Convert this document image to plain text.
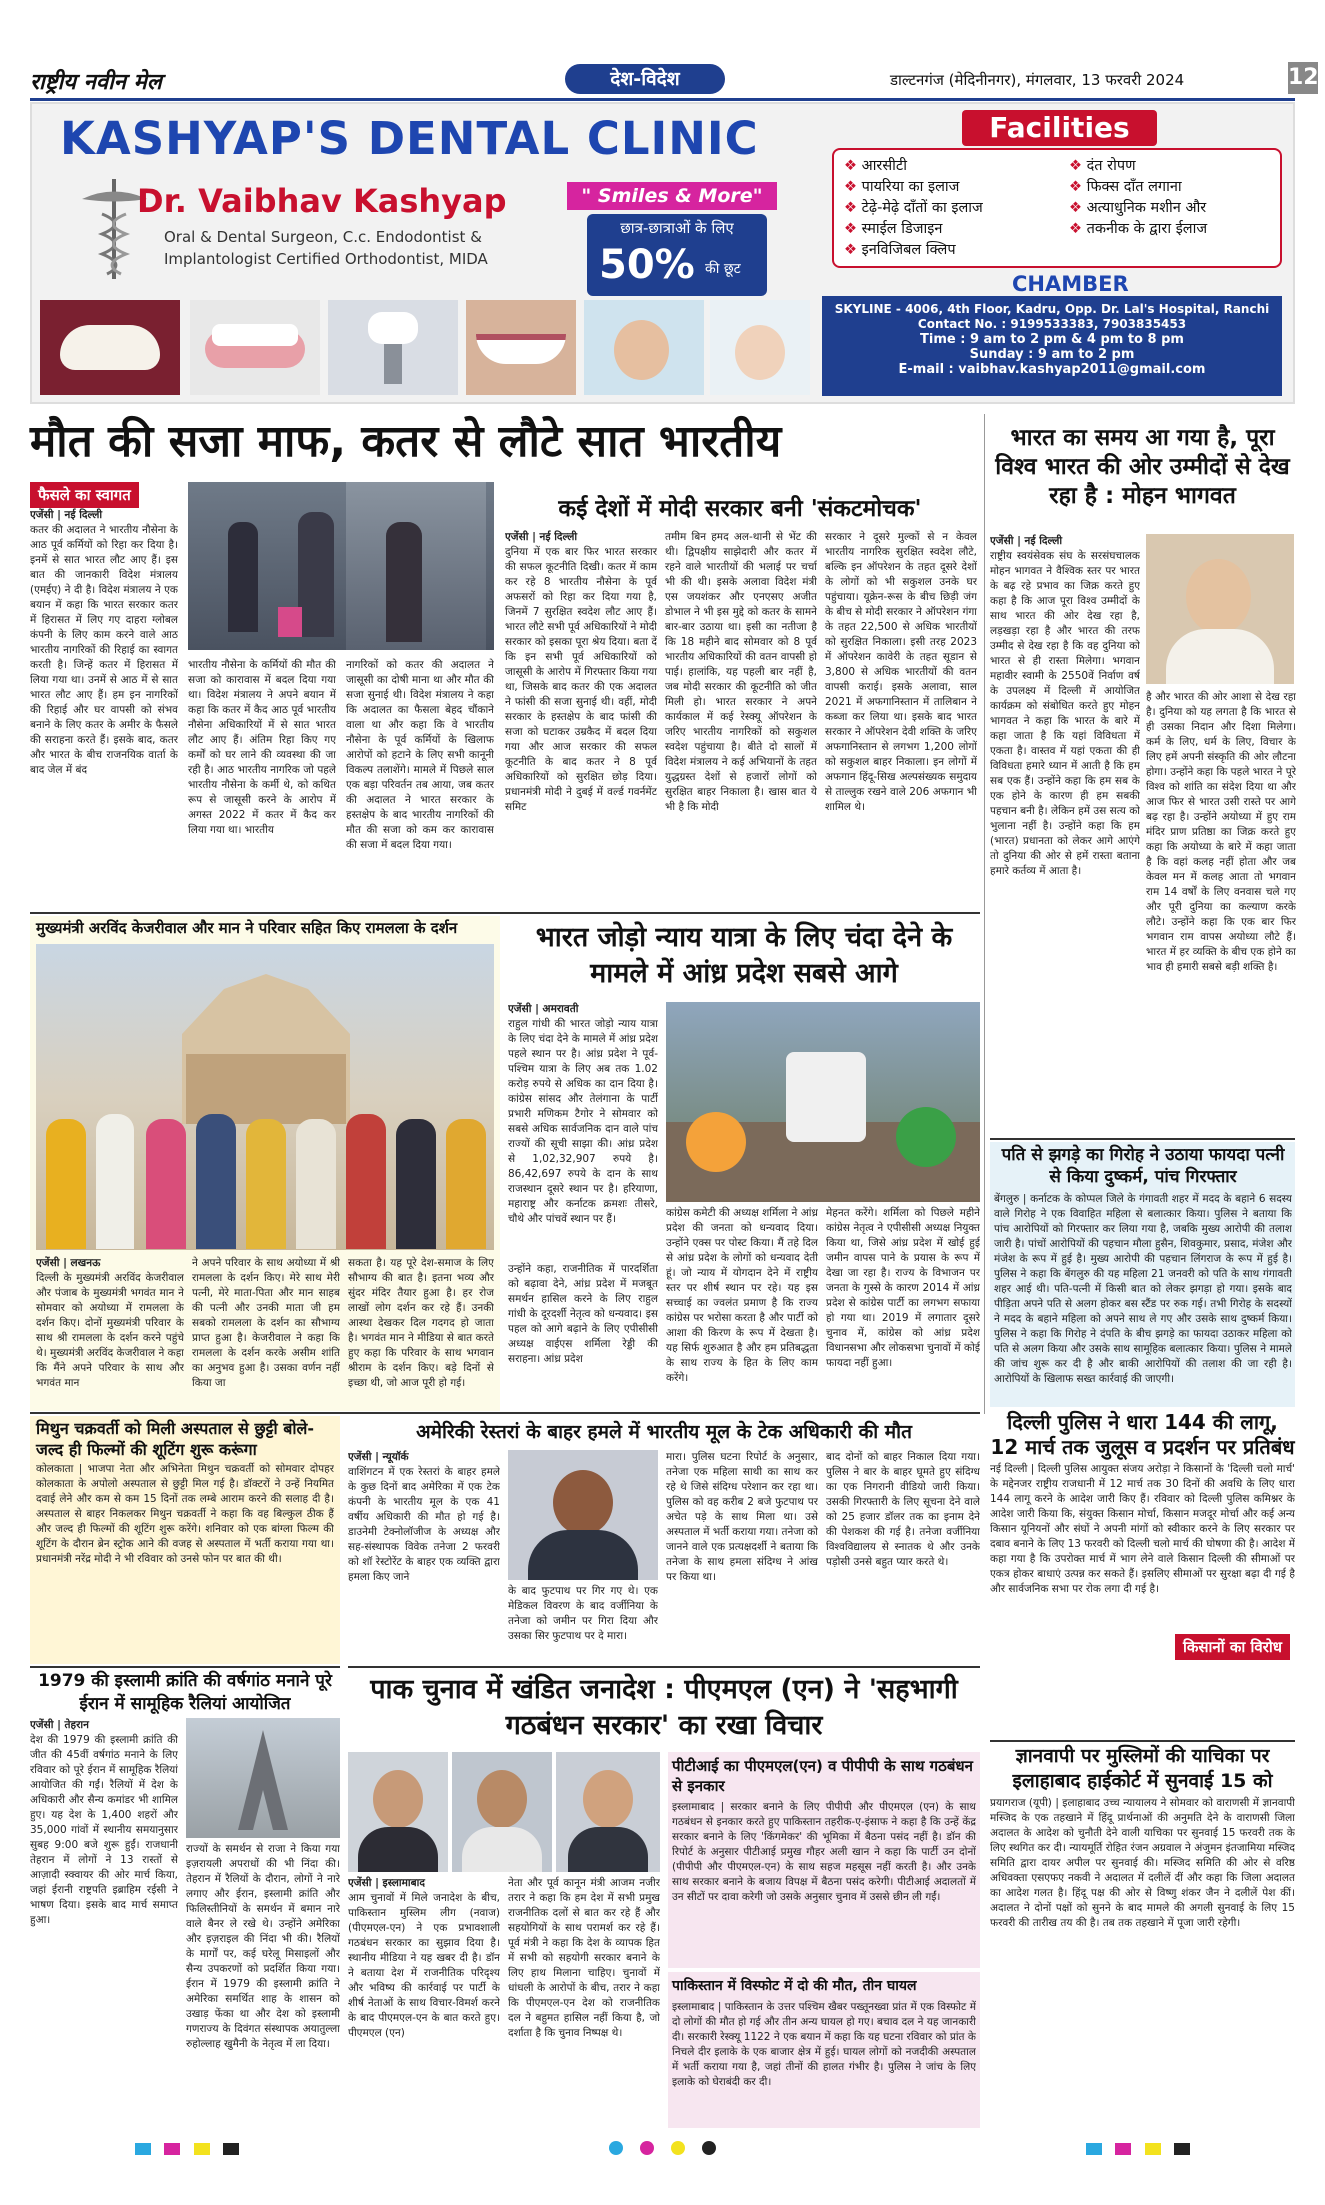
राष्ट्रीय नवीन मेल	देश-विदेश	डाल्टनगंज (मेदिनीनगर), मंगलवार, 13 फरवरी 2024	12
KASHYAP'S DENTAL CLINIC
Dr. Vaibhav Kashyap	" Smiles & More"
Oral & Dental Surgeon, C.c. Endodontist &
Implantologist Certified Orthodontist, MIDA
छात्र-छात्राओं के लिए
50% की छूट
Facilities
❖ आरसीटी
❖ पायरिया का इलाज
❖ टेढ़े-मेढ़े दाँतों का इलाज
❖ स्माईल डिजाइन
❖ इनविजिबल क्लिप
❖ दंत रोपण
❖ फिक्स दाँत लगाना
❖ अत्याधुनिक मशीन और
❖ तकनीक के द्वारा ईलाज
CHAMBER
SKYLINE - 4006, 4th Floor, Kadru, Opp. Dr. Lal's Hospital, Ranchi
Contact No. : 9199533383, 7903835453
Time : 9 am to 2 pm & 4 pm to 8 pm
Sunday : 9 am to 2 pm
E-mail : vaibhav.kashyap2011@gmail.com
मौत की सजा माफ, कतर से लौटे सात भारतीय
फैसले का स्वागत
एजेंसी | नई दिल्ली
कतर की अदालत ने भारतीय नौसेना के आठ पूर्व कर्मियों को रिहा कर दिया है। इनमें से सात भारत लौट आए हैं। इस बात की जानकारी विदेश मंत्रालय (एमईए) ने दी है। विदेश मंत्रालय ने एक बयान में कहा कि भारत सरकार कतर में हिरासत में लिए गए दाहरा ग्लोबल कंपनी के लिए काम करने वाले आठ भारतीय नागरिकों की रिहाई का स्वागत करती है। जिन्हें कतर में हिरासत में लिया गया था। उनमें से आठ में से सात भारत लौट आए हैं। हम इन नागरिकों की रिहाई और घर वापसी को संभव बनाने के लिए कतर के अमीर के फैसले की सराहना करते हैं। इसके बाद, कतर और भारत के बीच राजनयिक वार्ता के बाद जेल में बंद
भारतीय नौसेना के कर्मियों की मौत की सजा को कारावास में बदल दिया गया था। विदेश मंत्रालय ने अपने बयान में कहा कि कतर में कैद आठ पूर्व भारतीय नौसेना अधिकारियों में से सात भारत लौट आए हैं। अंतिम रिहा किए गए कर्मों को घर लाने की व्यवस्था की जा रही है। आठ भारतीय नागरिक जो पहले भारतीय नौसेना के कर्मी थे, को कथित रूप से जासूसी करने के आरोप में अगस्त 2022 में कतर में कैद कर लिया गया था। भारतीय
नागरिकों को कतर की अदालत ने जासूसी का दोषी माना था और मौत की सजा सुनाई थी। विदेश मंत्रालय ने कहा कि अदालत का फैसला बेहद चौंकाने वाला था और कहा कि वे भारतीय नौसेना के पूर्व कर्मियों के खिलाफ आरोपों को हटाने के लिए सभी कानूनी विकल्प तलाशेंगे। मामले में पिछले साल एक बड़ा परिवर्तन तब आया, जब कतर की अदालत ने भारत सरकार के हस्तक्षेप के बाद भारतीय नागरिकों की मौत की सजा को कम कर कारावास की सजा में बदल दिया गया।
कई देशों में मोदी सरकार बनी 'संकटमोचक'
एजेंसी | नई दिल्ली
दुनिया में एक बार फिर भारत सरकार की सफल कूटनीति दिखी। कतर में काम कर रहे 8 भारतीय नौसेना के पूर्व अफसरों को रिहा कर दिया गया है, जिनमें 7 सुरक्षित स्वदेश लौट आए हैं। भारत लौटे सभी पूर्व अधिकारियों ने मोदी सरकार को इसका पूरा श्रेय दिया। बता दें कि इन सभी पूर्व अधिकारियों को जासूसी के आरोप में गिरफ्तार किया गया था, जिसके बाद कतर की एक अदालत ने फांसी की सजा सुनाई थी। वहीं, मोदी सरकार के हस्तक्षेप के बाद फांसी की सजा को घटाकर उम्रकैद में बदल दिया गया और आज सरकार की सफल कूटनीति के बाद कतर ने 8 पूर्व अधिकारियों को सुरक्षित छोड़ दिया। प्रधानमंत्री मोदी ने दुबई में वर्ल्ड गवर्नमेंट समिट
तमीम बिन हमद अल-थानी से भेंट की थी। द्विपक्षीय साझेदारी और कतर में रहने वाले भारतीयों की भलाई पर चर्चा भी की थी। इसके अलावा विदेश मंत्री एस जयशंकर और एनएसए अजीत डोभाल ने भी इस मुद्दे को कतर के सामने बार-बार उठाया था। इसी का नतीजा है कि 18 महीने बाद सोमवार को 8 पूर्व भारतीय अधिकारियों की वतन वापसी हो पाई। हालांकि, यह पहली बार नहीं है, जब मोदी सरकार की कूटनीति को जीत मिली हो। भारत सरकार ने अपने कार्यकाल में कई रेस्क्यू ऑपरेशन के जरिए भारतीय नागरिकों को सकुशल स्वदेश पहुंचाया है। बीते दो सालों में विदेश मंत्रालय ने कई अभियानों के तहत युद्धग्रस्त देशों से हजारों लोगों को सुरक्षित बाहर निकाला है। खास बात ये भी है कि मोदी
सरकार ने दूसरे मुल्कों से न केवल भारतीय नागरिक सुरक्षित स्वदेश लौटे, बल्कि इन ऑपरेशन के तहत दूसरे देशों के लोगों को भी सकुशल उनके घर पहुंचाया। यूक्रेन-रूस के बीच छिड़ी जंग के बीच से मोदी सरकार ने ऑपरेशन गंगा के तहत 22,500 से अधिक भारतीयों को सुरक्षित निकाला। इसी तरह 2023 में ऑपरेशन कावेरी के तहत सूडान से 3,800 से अधिक भारतीयों की वतन वापसी कराई। इसके अलावा, साल 2021 में अफगानिस्तान में तालिबान ने कब्जा कर लिया था। इसके बाद भारत सरकार ने ऑपरेशन देवी शक्ति के जरिए अफगानिस्तान से लगभग 1,200 लोगों को सकुशल बाहर निकाला। इन लोगों में अफगान हिंदू-सिख अल्पसंख्यक समुदाय से ताल्लुक रखने वाले 206 अफगान भी शामिल थे।
भारत का समय आ गया है, पूरा विश्व भारत की ओर उम्मीदों से देख रहा है : मोहन भागवत
एजेंसी | नई दिल्ली
राष्ट्रीय स्वयंसेवक संघ के सरसंघचालक मोहन भागवत ने वैश्विक स्तर पर भारत के बढ़ रहे प्रभाव का जिक्र करते हुए कहा है कि आज पूरा विश्व उम्मीदों के साथ भारत की ओर देख रहा है, लड़खड़ा रहा है और भारत की तरफ उम्मीद से देख रहा है कि वह दुनिया को भारत से ही रास्ता मिलेगा। भगवान महावीर स्वामी के 2550वें निर्वाण वर्ष के उपलक्ष्य में दिल्ली में आयोजित कार्यक्रम को संबोधित करते हुए मोहन भागवत ने कहा कि भारत के बारे में कहा जाता है कि यहां विविधता में एकता है। वास्तव में यहां एकता की ही विविधता हमारे ध्यान में आती है कि हम सब एक हैं। उन्होंने कहा कि हम सब के एक होने के कारण ही हम सबकी पहचान बनी है। लेकिन हमें उस सत्य को भुलाना नहीं है। उन्होंने कहा कि हम (भारत) प्रधानता को लेकर आगे आएंगे तो दुनिया की ओर से हमें रास्ता बताना हमारे कर्तव्य में आता है।
है और भारत की ओर आशा से देख रहा है। दुनिया को यह लगता है कि भारत से ही उसका निदान और दिशा मिलेगा। कर्म के लिए, धर्म के लिए, विचार के लिए हमें अपनी संस्कृति की ओर लौटना होगा। उन्होंने कहा कि पहले भारत ने पूरे विश्व को शांति का संदेश दिया था और आज फिर से भारत उसी रास्ते पर आगे बढ़ रहा है। उन्होंने अयोध्या में हुए राम मंदिर प्राण प्रतिष्ठा का जिक्र करते हुए कहा कि अयोध्या के बारे में कहा जाता है कि वहां कलह नहीं होता और जब केवल मन में कलह आता तो भगवान राम 14 वर्षों के लिए वनवास चले गए और पूरी दुनिया का कल्याण करके लौटे। उन्होंने कहा कि एक बार फिर भगवान राम वापस अयोध्या लौटे हैं। भारत में हर व्यक्ति के बीच एक होने का भाव ही हमारी सबसे बड़ी शक्ति है।
मुख्यमंत्री अरविंद केजरीवाल और मान ने परिवार सहित किए रामलला के दर्शन
एजेंसी | लखनऊ
दिल्ली के मुख्यमंत्री अरविंद केजरीवाल और पंजाब के मुख्यमंत्री भगवंत मान ने सोमवार को अयोध्या में रामलला के दर्शन किए। दोनों मुख्यमंत्री परिवार के साथ श्री रामलला के दर्शन करने पहुंचे थे। मुख्यमंत्री अरविंद केजरीवाल ने कहा कि मैंने अपने परिवार के साथ और भगवंत मान
ने अपने परिवार के साथ अयोध्या में श्री रामलला के दर्शन किए। मेरे साथ मेरी पत्नी, मेरे माता-पिता और मान साहब की पत्नी और उनकी माता जी हम सबको रामलला के दर्शन का सौभाग्य प्राप्त हुआ है। केजरीवाल ने कहा कि रामलला के दर्शन करके असीम शांति का अनुभव हुआ है। उसका वर्णन नहीं किया जा
सकता है। यह पूरे देश-समाज के लिए सौभाग्य की बात है। इतना भव्य और सुंदर मंदिर तैयार हुआ है। हर रोज लाखों लोग दर्शन कर रहे हैं। उनकी आस्था देखकर दिल गदगद हो जाता है। भगवंत मान ने मीडिया से बात करते हुए कहा कि परिवार के साथ भगवान श्रीराम के दर्शन किए। बड़े दिनों से इच्छा थी, जो आज पूरी हो गई।
भारत जोड़ो न्याय यात्रा के लिए चंदा देने के मामले में आंध्र प्रदेश सबसे आगे
एजेंसी | अमरावती
राहुल गांधी की भारत जोड़ो न्याय यात्रा के लिए चंदा देने के मामले में आंध्र प्रदेश पहले स्थान पर है। आंध्र प्रदेश ने पूर्व-पश्चिम यात्रा के लिए अब तक 1.02 करोड़ रुपये से अधिक का दान दिया है। कांग्रेस सांसद और तेलंगाना के पार्टी प्रभारी मणिकम टैगोर ने सोमवार को सबसे अधिक सार्वजनिक दान वाले पांच राज्यों की सूची साझा की। आंध्र प्रदेश से 1,02,32,907 रुपये है। 86,42,697 रुपये के दान के साथ राजस्थान दूसरे स्थान पर है। हरियाणा, महाराष्ट्र और कर्नाटक क्रमशः तीसरे, चौथे और पांचवें स्थान पर हैं।
उन्होंने कहा, राजनीतिक में पारदर्शिता को बढ़ावा देने, आंध्र प्रदेश में मजबूत समर्थन हासिल करने के लिए राहुल गांधी के दूरदर्शी नेतृत्व को धन्यवाद। इस पहल को आगे बढ़ाने के लिए एपीसीसी अध्यक्ष वाईएस शर्मिला रेड्डी की सराहना। आंध्र प्रदेश
कांग्रेस कमेटी की अध्यक्ष शर्मिला ने आंध्र प्रदेश की जनता को धन्यवाद दिया। उन्होंने एक्स पर पोस्ट किया। मैं तहे दिल से आंध्र प्रदेश के लोगों को धन्यवाद देती हूं। जो न्याय में योगदान देने में राष्ट्रीय स्तर पर शीर्ष स्थान पर रहे। यह इस सच्चाई का ज्वलंत प्रमाण है कि राज्य कांग्रेस पर भरोसा करता है और पार्टी को आशा की किरण के रूप में देखता है। यह सिर्फ शुरुआत है और हम प्रतिबद्धता के साथ राज्य के हित के लिए काम करेंगे।
मेहनत करेंगे। शर्मिला को पिछले महीने कांग्रेस नेतृत्व ने एपीसीसी अध्यक्ष नियुक्त किया था, जिसे आंध्र प्रदेश में खोई हुई जमीन वापस पाने के प्रयास के रूप में देखा जा रहा है। राज्य के विभाजन पर जनता के गुस्से के कारण 2014 में आंध्र प्रदेश से कांग्रेस पार्टी का लगभग सफाया हो गया था। 2019 में लगातार दूसरे चुनाव में, कांग्रेस को आंध्र प्रदेश विधानसभा और लोकसभा चुनावों में कोई फायदा नहीं हुआ।
पति से झगड़े का गिरोह ने उठाया फायदा पत्नी से किया दुष्कर्म, पांच गिरफ्तार
बेंगलुरु | कर्नाटक के कोप्पल जिले के गंगावती शहर में मदद के बहाने 6 सदस्य वाले गिरोह ने एक विवाहित महिला से बलात्कार किया। पुलिस ने बताया कि पांच आरोपियों को गिरफ्तार कर लिया गया है, जबकि मुख्य आरोपी की तलाश जारी है। पांचों आरोपियों की पहचान मौला हुसैन, शिवकुमार, प्रसाद, मंजेश और मंजेश के रूप में हुई है। मुख्य आरोपी की पहचान लिंगराज के रूप में हुई है। पुलिस ने कहा कि बेंगलुरु की यह महिला 21 जनवरी को पति के साथ गंगावती शहर आई थी। पति-पत्नी में किसी बात को लेकर झगड़ा हो गया। इसके बाद पीड़िता अपने पति से अलग होकर बस स्टैंड पर रुक गई। तभी गिरोह के सदस्यों ने मदद के बहाने महिला को अपने साथ ले गए और उसके साथ दुष्कर्म किया। पुलिस ने कहा कि गिरोह ने दंपति के बीच झगड़े का फायदा उठाकर महिला को पति से अलग किया और उसके साथ सामूहिक बलात्कार किया। पुलिस ने मामले की जांच शुरू कर दी है और बाकी आरोपियों की तलाश की जा रही है। आरोपियों के खिलाफ सख्त कार्रवाई की जाएगी।
दिल्ली पुलिस ने धारा 144 की लागू, 12 मार्च तक जुलूस व प्रदर्शन पर प्रतिबंध
नई दिल्ली | दिल्ली पुलिस आयुक्त संजय अरोड़ा ने किसानों के 'दिल्ली चलो मार्च' के मद्देनजर राष्ट्रीय राजधानी में 12 मार्च तक 30 दिनों की अवधि के लिए धारा 144 लागू करने के आदेश जारी किए हैं। रविवार को दिल्ली पुलिस कमिश्नर के आदेश जारी किया कि, संयुक्त किसान मोर्चा, किसान मजदूर मोर्चा और कई अन्य किसान यूनियनों और संघों ने अपनी मांगों को स्वीकार करने के लिए सरकार पर दबाव बनाने के लिए 13 फरवरी को दिल्ली चलो मार्च की घोषणा की है। आदेश में कहा गया है कि उपरोक्त मार्च में भाग लेने वाले किसान दिल्ली की सीमाओं पर एकत्र होकर बाधाएं उत्पन्न कर सकते हैं। इसलिए सीमाओं पर सुरक्षा बढ़ा दी गई है और सार्वजनिक सभा पर रोक लगा दी गई है।
किसानों का विरोध
ज्ञानवापी पर मुस्लिमों की याचिका पर इलाहाबाद हाईकोर्ट में सुनवाई 15 को
प्रयागराज (यूपी) | इलाहाबाद उच्च न्यायालय ने सोमवार को वाराणसी में ज्ञानवापी मस्जिद के एक तहखाने में हिंदू प्रार्थनाओं की अनुमति देने के वाराणसी जिला अदालत के आदेश को चुनौती देने वाली याचिका पर सुनवाई 15 फरवरी तक के लिए स्थगित कर दी। न्यायमूर्ति रोहित रंजन अग्रवाल ने अंजुमन इंतजामिया मस्जिद समिति द्वारा दायर अपील पर सुनवाई की। मस्जिद समिति की ओर से वरिष्ठ अधिवक्ता एसएफए नकवी ने अदालत में दलीलें दीं और कहा कि जिला अदालत का आदेश गलत है। हिंदू पक्ष की ओर से विष्णु शंकर जैन ने दलीलें पेश कीं। अदालत ने दोनों पक्षों को सुनने के बाद मामले की अगली सुनवाई के लिए 15 फरवरी की तारीख तय की है। तब तक तहखाने में पूजा जारी रहेगी।
मिथुन चक्रवर्ती को मिली अस्पताल से छुट्टी बोले- जल्द ही फिल्मों की शूटिंग शुरू करूंगा
कोलकाता | भाजपा नेता और अभिनेता मिथुन चक्रवर्ती को सोमवार दोपहर कोलकाता के अपोलो अस्पताल से छुट्टी मिल गई है। डॉक्टरों ने उन्हें नियमित दवाई लेने और कम से कम 15 दिनों तक लम्बे आराम करने की सलाह दी है। अस्पताल से बाहर निकलकर मिथुन चक्रवर्ती ने कहा कि वह बिल्कुल ठीक हैं और जल्द ही फिल्मों की शूटिंग शुरू करेंगे। शनिवार को एक बांग्ला फिल्म की शूटिंग के दौरान ब्रेन स्ट्रोक आने की वजह से अस्पताल में भर्ती कराया गया था। प्रधानमंत्री नरेंद्र मोदी ने भी रविवार को उनसे फोन पर बात की थी।
अमेरिकी रेस्तरां के बाहर हमले में भारतीय मूल के टेक अधिकारी की मौत
एजेंसी | न्यूयॉर्क
वाशिंगटन में एक रेस्तरां के बाहर हमले के कुछ दिनों बाद अमेरिका में एक टेक कंपनी के भारतीय मूल के एक 41 वर्षीय अधिकारी की मौत हो गई है। डाउनेमी टेक्नोलॉजीज के अध्यक्ष और सह-संस्थापक विवेक तनेजा 2 फरवरी को शॉ रेस्टोरेंट के बाहर एक व्यक्ति द्वारा हमला किए जाने
के बाद फुटपाथ पर गिर गए थे। एक मेडिकल विवरण के बाद वर्जीनिया के तनेजा को जमीन पर गिरा दिया और उसका सिर फुटपाथ पर दे मारा।
मारा। पुलिस घटना रिपोर्ट के अनुसार, तनेजा एक महिला साथी का साथ कर रहे थे जिसे संदिग्ध परेशान कर रहा था। पुलिस को वह करीब 2 बजे फुटपाथ पर अचेत पड़े के साथ मिला था। उसे अस्पताल में भर्ती कराया गया। तनेजा को जानने वाले एक प्रत्यक्षदर्शी ने बताया कि तनेजा के साथ हमला संदिग्ध ने आंख पर किया था।
बाद दोनों को बाहर निकाल दिया गया। पुलिस ने बार के बाहर घूमते हुए संदिग्ध का एक निगरानी वीडियो जारी किया। उसकी गिरफ्तारी के लिए सूचना देने वाले को 25 हजार डॉलर तक का इनाम देने की पेशकश की गई है। तनेजा वर्जीनिया विश्वविद्यालय से स्नातक थे और उनके पड़ोसी उनसे बहुत प्यार करते थे।
1979 की इस्लामी क्रांति की वर्षगांठ मनाने पूरे ईरान में सामूहिक रैलियां आयोजित
एजेंसी | तेहरान
देश की 1979 की इस्लामी क्रांति की जीत की 45वीं वर्षगांठ मनाने के लिए रविवार को पूरे ईरान में सामूहिक रैलियां आयोजित की गईं। रैलियों में देश के अधिकारी और सैन्य कमांडर भी शामिल हुए। यह देश के 1,400 शहरों और 35,000 गांवों में स्थानीय समयानुसार सुबह 9:00 बजे शुरू हुईं। राजधानी तेहरान में लोगों ने 13 रास्तों से आज़ादी स्क्वायर की ओर मार्च किया, जहां ईरानी राष्ट्रपति इब्राहिम रईसी ने भाषण दिया। इसके बाद मार्च समाप्त हुआ।
राज्यों के समर्थन से राजा ने किया गया इज़रायली अपराधों की भी निंदा की। तेहरान में रैलियों के दौरान, लोगों ने नारे लगाए और ईरान, इस्लामी क्रांति और फिलिस्तीनियों के समर्थन में बमान नारे वाले बैनर ले रखे थे। उन्होंने अमेरिका और इज़राइल की निंदा भी की। रैलियों के मार्गों पर, कई घरेलू मिसाइलों और सैन्य उपकरणों को प्रदर्शित किया गया। ईरान में 1979 की इस्लामी क्रांति ने अमेरिका समर्थित शाह के शासन को उखाड़ फेंका था और देश को इस्लामी गणराज्य के दिवंगत संस्थापक अयातुल्ला रुहोल्लाह खुमैनी के नेतृत्व में ला दिया।
पाक चुनाव में खंडित जनादेश : पीएमएल (एन) ने 'सहभागी गठबंधन सरकार' का रखा विचार
एजेंसी | इस्लामाबाद
आम चुनावों में मिले जनादेश के बीच, पाकिस्तान मुस्लिम लीग (नवाज) (पीएमएल-एन) ने एक प्रभावशाली गठबंधन सरकार का सुझाव दिया है। स्थानीय मीडिया ने यह खबर दी है। डॉन ने बताया देश में राजनीतिक परिदृश्य और भविष्य की कार्रवाई पर पार्टी के शीर्ष नेताओं के साथ विचार-विमर्श करने के बाद पीएमएल-एन के बात करते हुए। पीएमएल (एन)
नेता और पूर्व कानून मंत्री आजम नजीर तरार ने कहा कि हम देश में सभी प्रमुख राजनीतिक दलों से बात कर रहे हैं और सहयोगियों के साथ परामर्श कर रहे हैं। पूर्व मंत्री ने कहा कि देश के व्यापक हित में सभी को सहयोगी सरकार बनाने के लिए हाथ मिलाना चाहिए। चुनावों में धांधली के आरोपों के बीच, तरार ने कहा कि पीएमएल-एन देश को राजनीतिक दल ने बहुमत हासिल नहीं किया है, जो दर्शाता है कि चुनाव निष्पक्ष थे।
पीटीआई का पीएमएल(एन) व पीपीपी के साथ गठबंधन से इनकार
इस्लामाबाद | सरकार बनाने के लिए पीपीपी और पीएमएल (एन) के साथ गठबंधन से इनकार करते हुए पाकिस्तान तहरीक-ए-इंसाफ ने कहा है कि उन्हें केंद्र सरकार बनाने के लिए 'किंगमेकर' की भूमिका में बैठना पसंद नहीं है। डॉन की रिपोर्ट के अनुसार पीटीआई प्रमुख गौहर अली खान ने कहा कि पार्टी उन दोनों (पीपीपी और पीएमएल-एन) के साथ सहज महसूस नहीं करती है। और उनके साथ सरकार बनाने के बजाय विपक्ष में बैठना पसंद करेगी। पीटीआई अदालतों में उन सीटों पर दावा करेगी जो उसके अनुसार चुनाव में उससे छीन ली गईं।
पाकिस्तान में विस्फोट में दो की मौत, तीन घायल
इस्लामाबाद | पाकिस्तान के उत्तर पश्चिम खैबर पख्तूनख्वा प्रांत में एक विस्फोट में दो लोगों की मौत हो गई और तीन अन्य घायल हो गए। बचाव दल ने यह जानकारी दी। सरकारी रेस्क्यू 1122 ने एक बयान में कहा कि यह घटना रविवार को प्रांत के निचले दीर इलाके के एक बाजार क्षेत्र में हुई। घायल लोगों को नजदीकी अस्पताल में भर्ती कराया गया है, जहां तीनों की हालत गंभीर है। पुलिस ने जांच के लिए इलाके को घेराबंदी कर दी।
